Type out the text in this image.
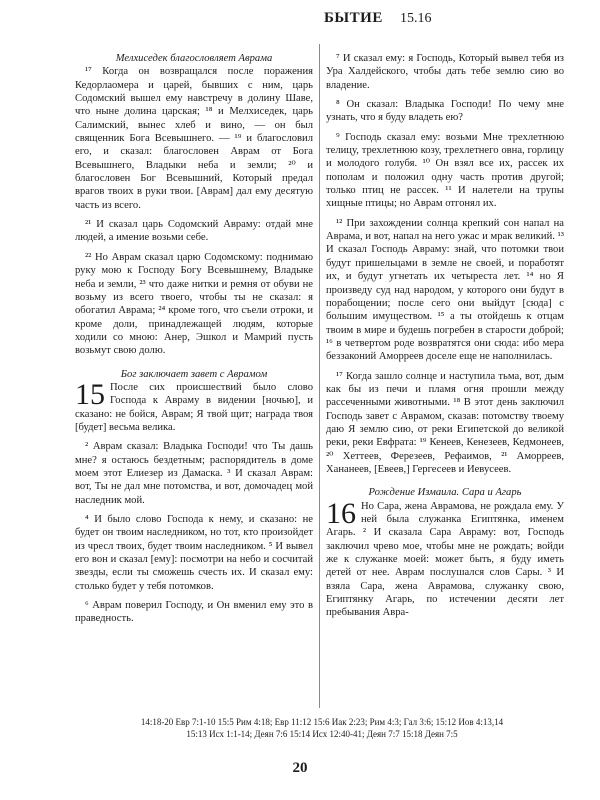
БЫТИЕ 15.16

Мелхиседек благословляет Аврама

¹⁷ Когда он возвращался после поражения Кедорлаомера и царей, бывших с ним, царь Содомский вышел ему навстречу в долину Шаве, что ныне долина царская; ¹⁸ и Мелхиседек, царь Салимский, вынес хлеб и вино, — он был священник Бога Всевышнего. — ¹⁹ и благословил его, и сказал: благословен Аврам от Бога Всевышнего, Владыки неба и земли; ²⁰ и благословен Бог Всевышний, Который предал врагов твоих в руки твои. [Аврам] дал ему десятую часть из всего.

²¹ И сказал царь Содомский Авраму: отдай мне людей, а имение возьми себе.

²² Но Аврам сказал царю Содомскому: поднимаю руку мою к Господу Богу Всевышнему, Владыке неба и земли, ²³ что даже нитки и ремня от обуви не возьму из всего твоего, чтобы ты не сказал: я обогатил Аврама; ²⁴ кроме того, что съели отроки, и кроме доли, принадлежащей людям, которые ходили со мною: Анер, Эшкол и Мамрий пусть возьмут свою долю.

Бог заключает завет с Аврамом

15 После сих происшествий было слово Господа к Авраму в видении [ночью], и сказано: не бойся, Аврам; Я твой щит; награда твоя [будет] весьма велика.

² Аврам сказал: Владыка Господи! что Ты дашь мне? я остаюсь бездетным; распорядитель в доме моем этот Елиезер из Дамаска. ³ И сказал Аврам: вот, Ты не дал мне потомства, и вот, домочадец мой наследник мой.

⁴ И было слово Господа к нему, и сказано: не будет он твоим наследником, но тот, кто произойдет из чресл твоих, будет твоим наследником. ⁵ И вывел его вон и сказал [ему]: посмотри на небо и сосчитай звезды, если ты сможешь счесть их. И сказал ему: столько будет у тебя потомков.

⁶ Аврам поверил Господу, и Он вменил ему это в праведность.

⁷ И сказал ему: я Господь, Который вывел тебя из Ура Халдейского, чтобы дать тебе землю сию во владение.

⁸ Он сказал: Владыка Господи! По чему мне узнать, что я буду владеть ею?

⁹ Господь сказал ему: возьми Мне трехлетнюю телицу, трехлетнюю козу, трехлетнего овна, горлицу и молодого голубя. ¹⁰ Он взял все их, рассек их пополам и положил одну часть против другой; только птиц не рассек. ¹¹ И налетели на трупы хищные птицы; но Аврам отгонял их.

¹² При захождении солнца крепкий сон напал на Аврама, и вот, напал на него ужас и мрак великий. ¹³ И сказал Господь Авраму: знай, что потомки твои будут пришельцами в земле не своей, и поработят их, и будут угнетать их четыреста лет. ¹⁴ но Я произведу суд над народом, у которого они будут в порабощении; после сего они выйдут [сюда] с большим имуществом. ¹⁵ а ты отойдешь к отцам твоим в мире и будешь погребен в старости доброй; ¹⁶ в четвертом роде возвратятся они сюда: ибо мера беззаконий Аморреев доселе еще не наполнилась.

¹⁷ Когда зашло солнце и наступила тьма, вот, дым как бы из печи и пламя огня прошли между рассеченными животными. ¹⁸ В этот день заключил Господь завет с Аврамом, сказав: потомству твоему даю Я землю сию, от реки Египетской до великой реки, реки Евфрата: ¹⁹ Кенеев, Кенезеев, Кедмонеев, ²⁰ Хеттеев, Ферезеев, Рефаимов, ²¹ Аморреев, Хананеев, [Евеев,] Гергесеев и Иевусеев.

Рождение Измаила. Сара и Агарь

16 Но Сара, жена Аврамова, не рождала ему. У ней была служанка Египтянка, именем Агарь. ² И сказала Сара Авраму: вот, Господь заключил чрево мое, чтобы мне не рождать; войди же к служанке моей: может быть, я буду иметь детей от нее. Аврам послушался слов Сары. ³ И взяла Сара, жена Аврамова, служанку свою, Египтянку Агарь, по истечении десяти лет пребывания Авра-

14:18-20 Евр 7:1-10 15:5 Рим 4:18; Евр 11:12 15:6 Иак 2:23; Рим 4:3; Гал 3:6; 15:12 Иов 4:13,14
15:13 Исх 1:1-14; Деян 7:6 15:14 Исх 12:40-41; Деян 7:7 15:18 Деян 7:5
20
